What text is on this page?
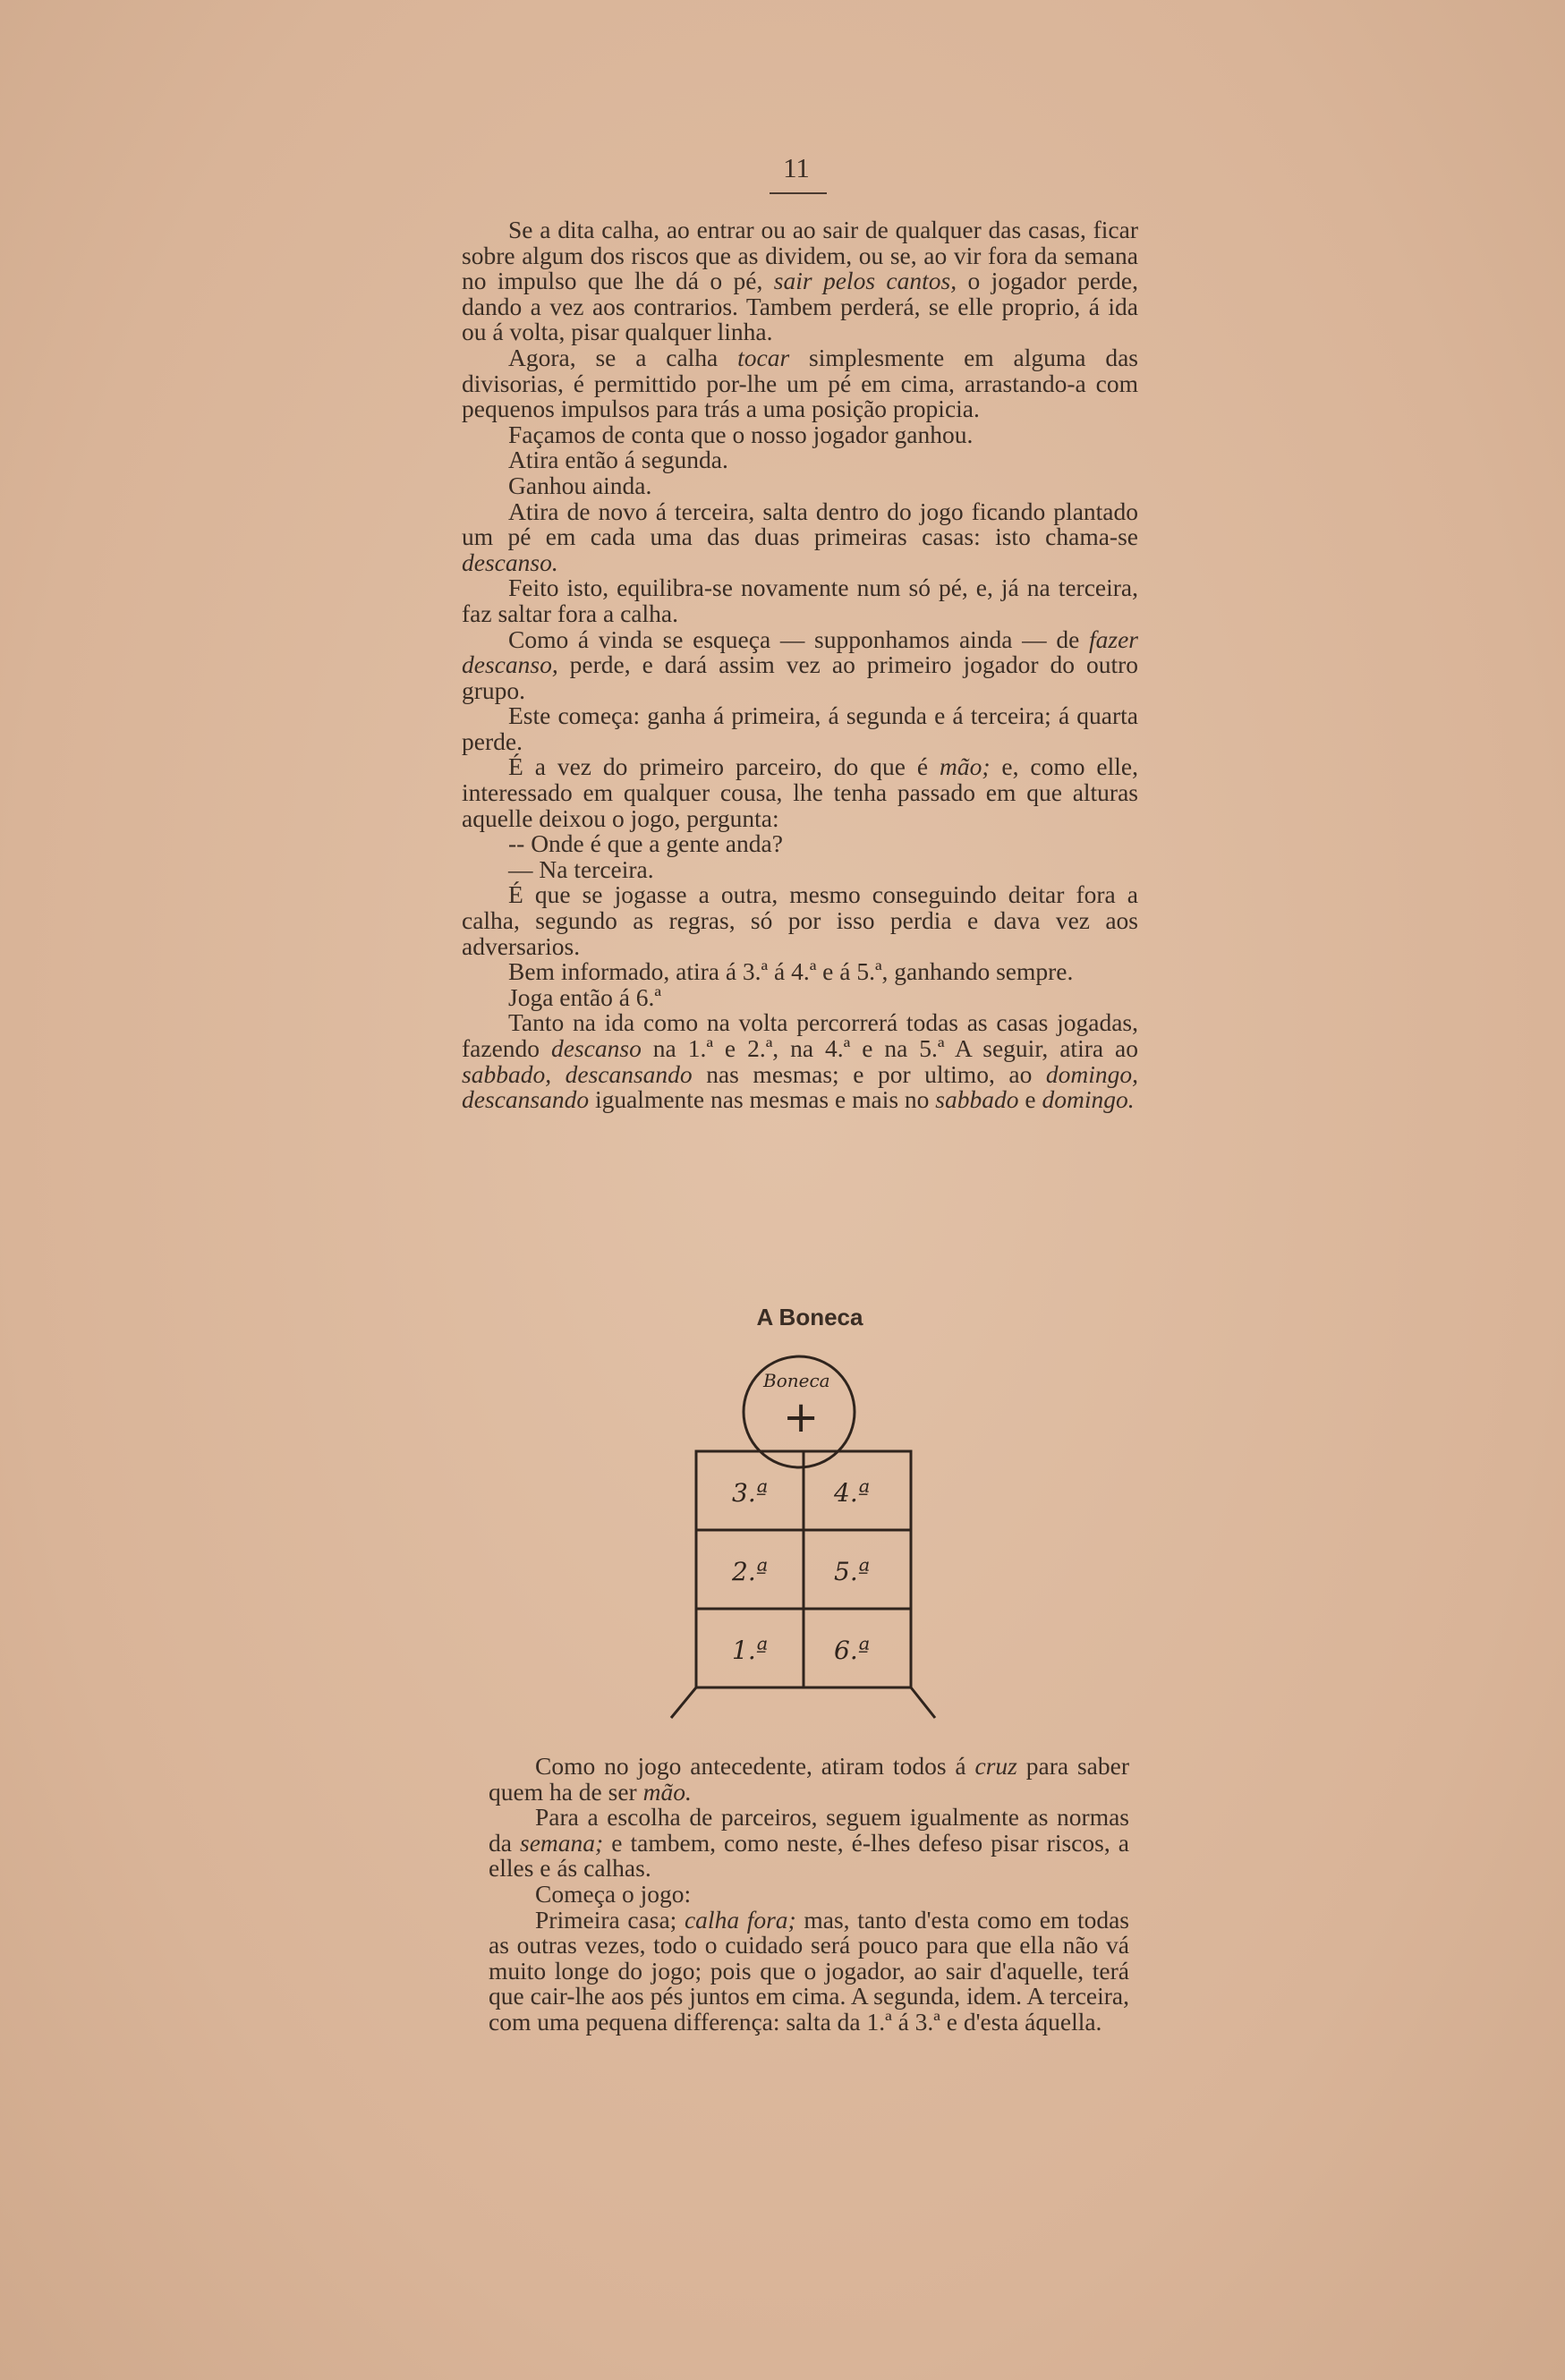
11

Se a dita calha, ao entrar ou ao sair de qualquer das casas, ficar sobre algum dos riscos que as dividem, ou se, ao vir fora da semana no impulso que lhe dá o pé, sair pelos cantos, o jogador perde, dando a vez aos contrarios. Tambem perderá, se elle proprio, á ida ou á volta, pisar qualquer linha.

Agora, se a calha tocar simplesmente em alguma das divisorias, é permittido por-lhe um pé em cima, arrastando-a com pequenos impulsos para trás a uma posição propicia.

Façamos de conta que o nosso jogador ganhou.

Atira então á segunda.

Ganhou ainda.

Atira de novo á terceira, salta dentro do jogo ficando plantado um pé em cada uma das duas primeiras casas: isto chama-se descanso.

Feito isto, equilibra-se novamente num só pé, e, já na terceira, faz saltar fora a calha.

Como á vinda se esqueça — supponhamos ainda — de fazer descanso, perde, e dará assim vez ao primeiro jogador do outro grupo.

Este começa: ganha á primeira, á segunda e á terceira; á quarta perde.

É a vez do primeiro parceiro, do que é mão; e, como elle, interessado em qualquer cousa, lhe tenha passado em que alturas aquelle deixou o jogo, pergunta:

-- Onde é que a gente anda?

— Na terceira.

É que se jogasse a outra, mesmo conseguindo deitar fora a calha, segundo as regras, só por isso perdia e dava vez aos adversarios.

Bem informado, atira á 3.ª á 4.ª e á 5.ª, ganhando sempre.

Joga então á 6.ª

Tanto na ida como na volta percorrerá todas as casas jogadas, fazendo descanso na 1.ª e 2.ª, na 4.ª e na 5.ª A seguir, atira ao sabbado, descansando nas mesmas; e por ultimo, ao domingo, descansando igualmente nas mesmas e mais no sabbado e domingo.

A Boneca
Boneca
+
3.ª	4.ª
2.ª	5.ª
1.ª	6.ª

Como no jogo antecedente, atiram todos á cruz para saber quem ha de ser mão.

Para a escolha de parceiros, seguem igualmente as normas da semana; e tambem, como neste, é-lhes defeso pisar riscos, a elles e ás calhas.

Começa o jogo:

Primeira casa; calha fora; mas, tanto d'esta como em todas as outras vezes, todo o cuidado será pouco para que ella não vá muito longe do jogo; pois que o jogador, ao sair d'aquelle, terá que cair-lhe aos pés juntos em cima. A segunda, idem. A terceira, com uma pequena differença: salta da 1.ª á 3.ª e d'esta áquella.
